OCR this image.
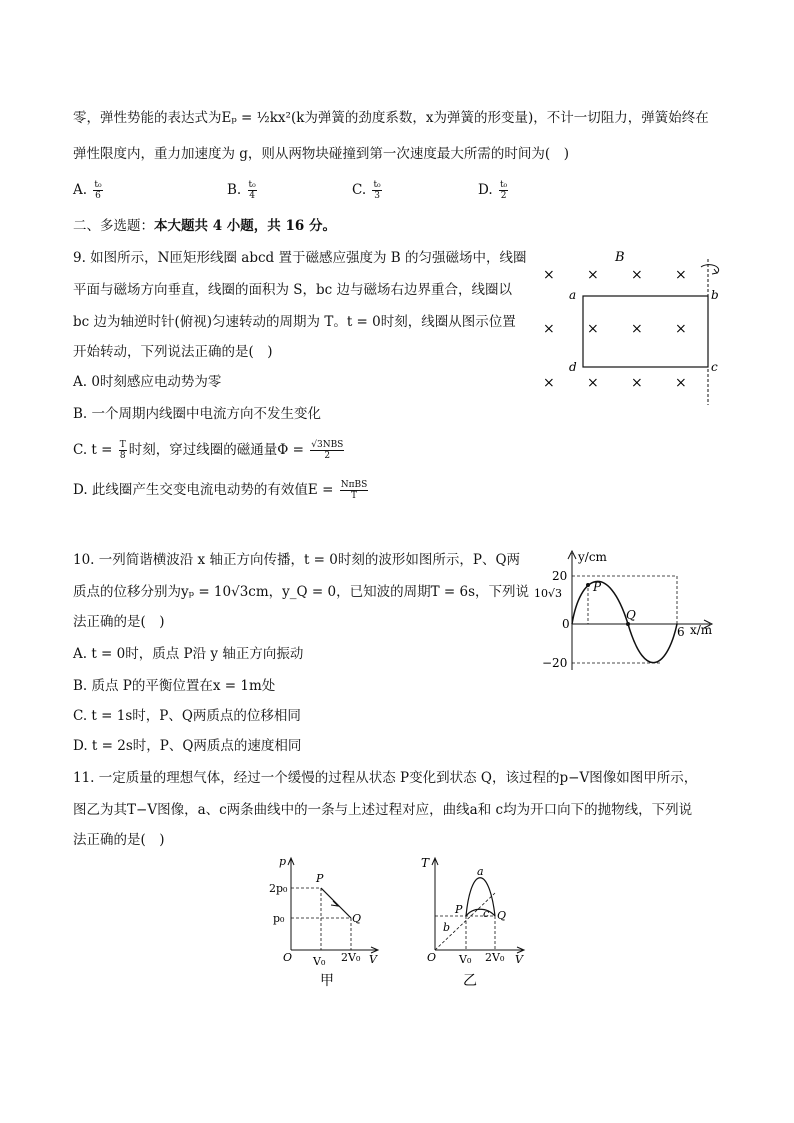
零，弹性势能的表达式为Eₚ = ½kx²(k为弹簧的劲度系数，x为弹簧的形变量)，不计一切阻力，弹簧始终在
弹性限度内，重力加速度为 g，则从两物块碰撞到第一次速度最大所需的时间为(　)
A. $\frac{\text{t₀}}{6}$	B. $\frac{\text{t₀}}{4}$	C. $\frac{\text{t₀}}{3}$	D. $\frac{\text{t₀}}{2}$
二、多选题：本大题共 4 小题，共 16 分。
9. 如图所示，N匝矩形线圈 abcd 置于磁感应强度为 B 的匀强磁场中，线圈
平面与磁场方向垂直，线圈的面积为 S，bc 边与磁场右边界重合，线圈以
bc 边为轴逆时针(俯视)匀速转动的周期为 T。t = 0时刻，线圈从图示位置
开始转动，下列说法正确的是(　)
A. 0时刻感应电动势为零
B. 一个周期内线圈中电流方向不发生变化
C. $t = \frac{T}{8}$ 时刻，穿过线圈的磁通量$\Phi = \frac{\text{√3NBS}}{2}$
D. 此线圈产生交变电流电动势的有效值$E = \frac{\text{NπBS}}{T}$
B
× × × ×
a	b
d	c
× × × ×
× × × ×
10. 一列简谐横波沿 x 轴正方向传播，t = 0时刻的波形如图所示，P、Q两
质点的位移分别为yₚ = 10√3cm，y_Q = 0，已知波的周期T = 6s，下列说
法正确的是(　)
A. t = 0时，质点 P沿 y 轴正方向振动
B. 质点 P的平衡位置在x = 1m处
C. t = 1s时，P、Q两质点的位移相同
D. t = 2s时，P、Q两质点的速度相同
y/cm
x/m
0
20
10√3
−20
6
P
Q
11. 一定质量的理想气体，经过一个缓慢的过程从状态 P变化到状态 Q，该过程的p−V图像如图甲所示，
图乙为其T−V图像，a、c两条曲线中的一条与上述过程对应，曲线a和 c均为开口向下的抛物线，下列说
法正确的是(　)
p
V
O
2p₀
p₀
V₀ 2V₀
P
Q
甲
T
V
O
a
b
c
P	Q
V₀ 2V₀
乙
